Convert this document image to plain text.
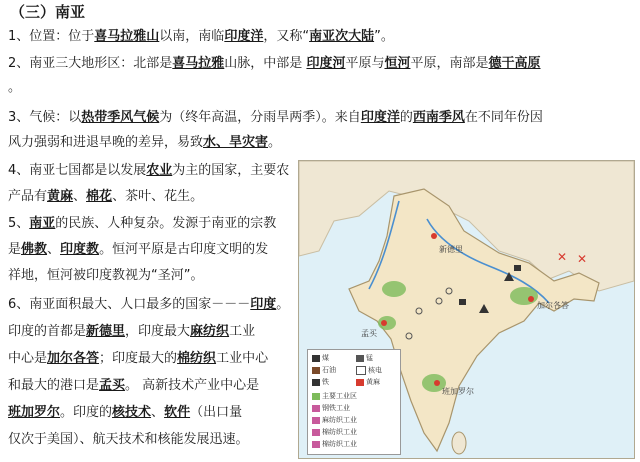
（三）南亚
1、位置：位于喜马拉雅山以南，南临印度洋，又称“南亚次大陆”。
2、南亚三大地形区：北部是喜马拉雅山脉，中部是 印度河平原与恒河平原，南部是德干高原
。
3、气候：以热带季风气候为（终年高温，分雨旱两季）。来自印度洋的西南季风在不同年份因
风力强弱和进退早晚的差异，易致水、旱灾害。
4、南亚七国都是以发展农业为主的国家，主要农
产品有黄麻、棉花、茶叶、花生。
5、南亚的民族、人种复杂。发源于南亚的宗教
是佛教、印度教。恒河平原是古印度文明的发
祥地，恒河被印度教视为“圣河”。
6、南亚面积最大、人口最多的国家－－－印度。
印度的首都是新德里，印度最大麻纺织工业
中心是加尔各答；印度最大的棉纺织工业中心
和最大的港口是孟买。 高新技术产业中心是
班加罗尔。印度的核技术、软件（出口量
仅次于美国）、航天技术和核能发展迅速。
✕ ✕
新德里
孟买
加尔各答
班加罗尔
煤	锰
石油	核电
铁	黄麻
主要工业区
钢铁工业
麻纺织工业
棉纺织工业
棉纺织工业
